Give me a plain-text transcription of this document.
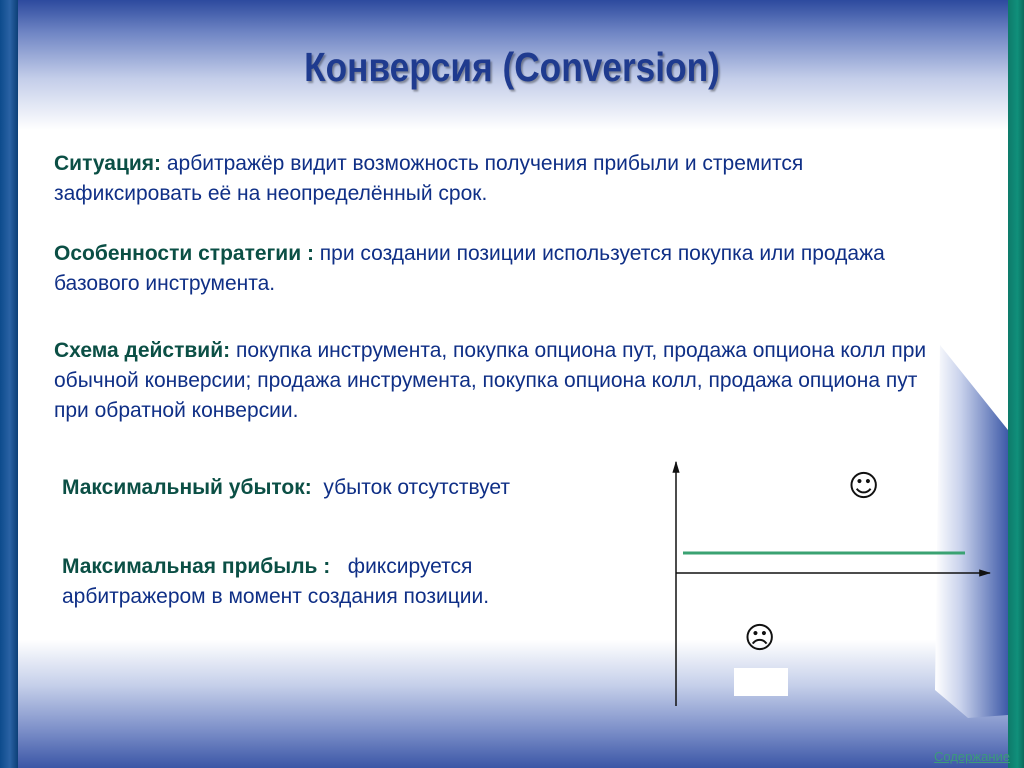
Конверсия (Conversion)
Ситуация: арбитражёр видит возможность получения прибыли и стремится зафиксировать её на неопределённый срок.
Особенности стратегии : при создании позиции используется покупка или продажа базового инструмента.
Схема действий: покупка инструмента, покупка опциона пут, продажа опциона колл при обычной конверсии; продажа инструмента, покупка опциона колл, продажа опциона пут при обратной конверсии.
Максимальный убыток:  убыток отсутствует
Максимальная прибыль :   фиксируется арбитражером в момент создания позиции.
☺
☹
Содержание
